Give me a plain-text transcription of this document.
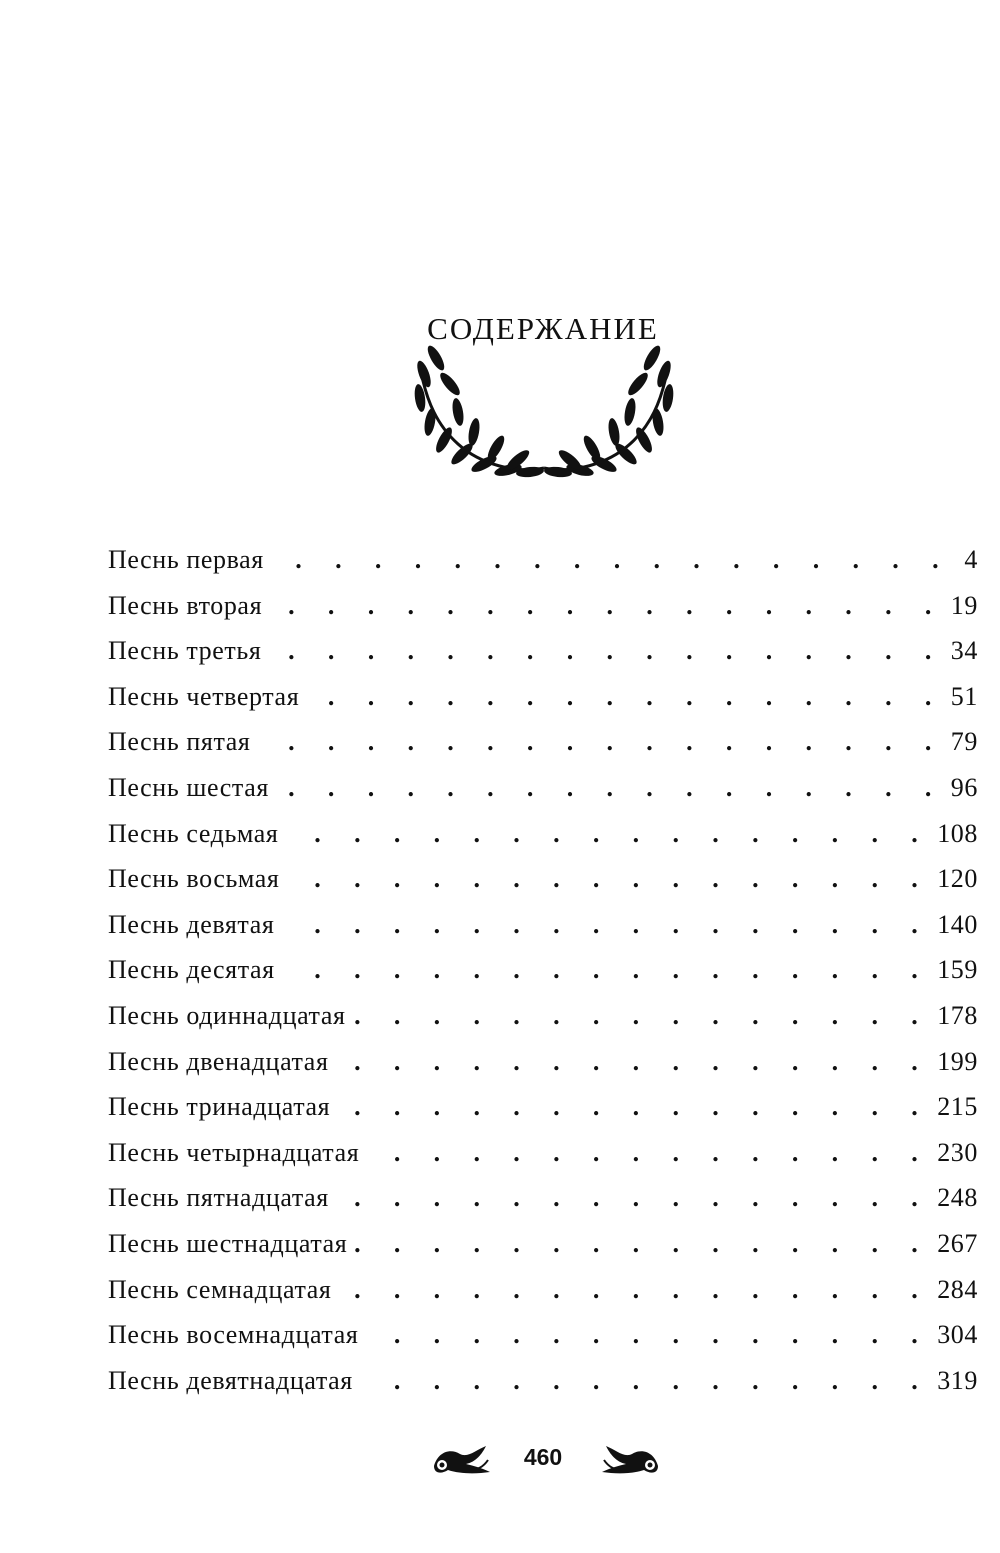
СОДЕРЖАНИЕ
Песнь первая . . .	4
Песнь вторая . . .	19
Песнь третья . . .	34
Песнь четвертая . . .	51
Песнь пятая . . .	79
Песнь шестая . . .	96
Песнь седьмая . . .	108
Песнь восьмая . . .	120
Песнь девятая . . .	140
Песнь десятая . . .	159
Песнь одиннадцатая . . .	178
Песнь двенадцатая . . .	199
Песнь тринадцатая . . .	215
Песнь четырнадцатая . . .	230
Песнь пятнадцатая . . .	248
Песнь шестнадцатая . . .	267
Песнь семнадцатая . . .	284
Песнь восемнадцатая . . .	304
Песнь девятнадцатая . . .	319
460
